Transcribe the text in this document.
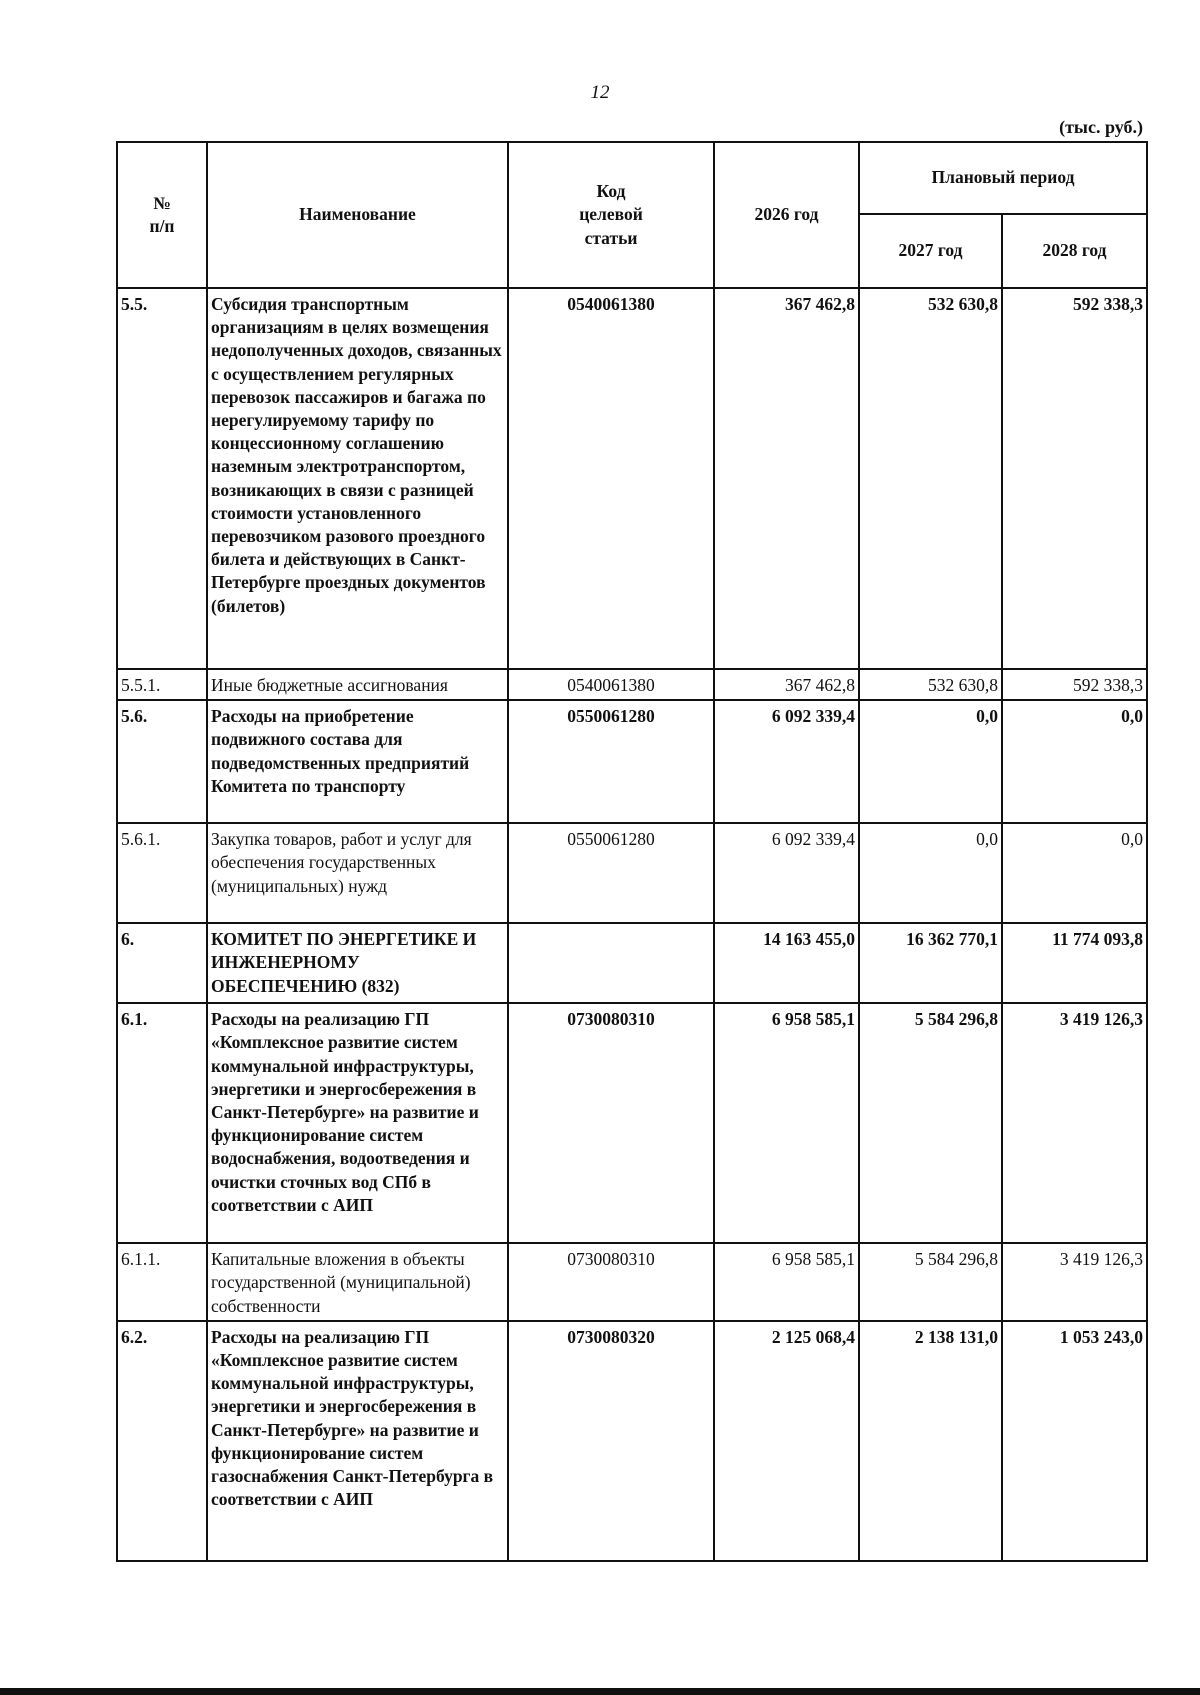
12
(тыс. руб.)
№
п/п	Наименование	Код
целевой
статьи	2026 год	Плановый период	
				2027 год	2028 год
5.5.	Субсидия транспортным организациям в целях возмещения недополученных доходов, связанных с осуществлением регулярных перевозок пассажиров и багажа по нерегулируемому тарифу по концессионному соглашению наземным электротранспортом, возникающих в связи с разницей стоимости установленного перевозчиком разового проездного билета и действующих в Санкт-Петербурге проездных документов (билетов)	0540061380	367 462,8	532 630,8	592 338,3
5.5.1.	Иные бюджетные ассигнования	0540061380	367 462,8	532 630,8	592 338,3
5.6.	Расходы на приобретение подвижного состава для подведомственных предприятий Комитета по транспорту	0550061280	6 092 339,4	0,0	0,0
5.6.1.	Закупка товаров, работ и услуг для обеспечения государственных (муниципальных) нужд	0550061280	6 092 339,4	0,0	0,0
6.	КОМИТЕТ ПО ЭНЕРГЕТИКЕ И ИНЖЕНЕРНОМУ ОБЕСПЕЧЕНИЮ (832)		14 163 455,0	16 362 770,1	11 774 093,8
6.1.	Расходы на реализацию ГП «Комплексное развитие систем коммунальной инфраструктуры, энергетики и энергосбережения в Санкт-Петербурге» на развитие и функционирование систем водоснабжения, водоотведения и очистки сточных вод СПб в соответствии с АИП	0730080310	6 958 585,1	5 584 296,8	3 419 126,3
6.1.1.	Капитальные вложения в объекты государственной (муниципальной) собственности	0730080310	6 958 585,1	5 584 296,8	3 419 126,3
6.2.	Расходы на реализацию ГП «Комплексное развитие систем коммунальной инфраструктуры, энергетики и энергосбережения в Санкт-Петербурге» на развитие и функционирование систем газоснабжения Санкт-Петербурга в соответствии с АИП	0730080320	2 125 068,4	2 138 131,0	1 053 243,0
